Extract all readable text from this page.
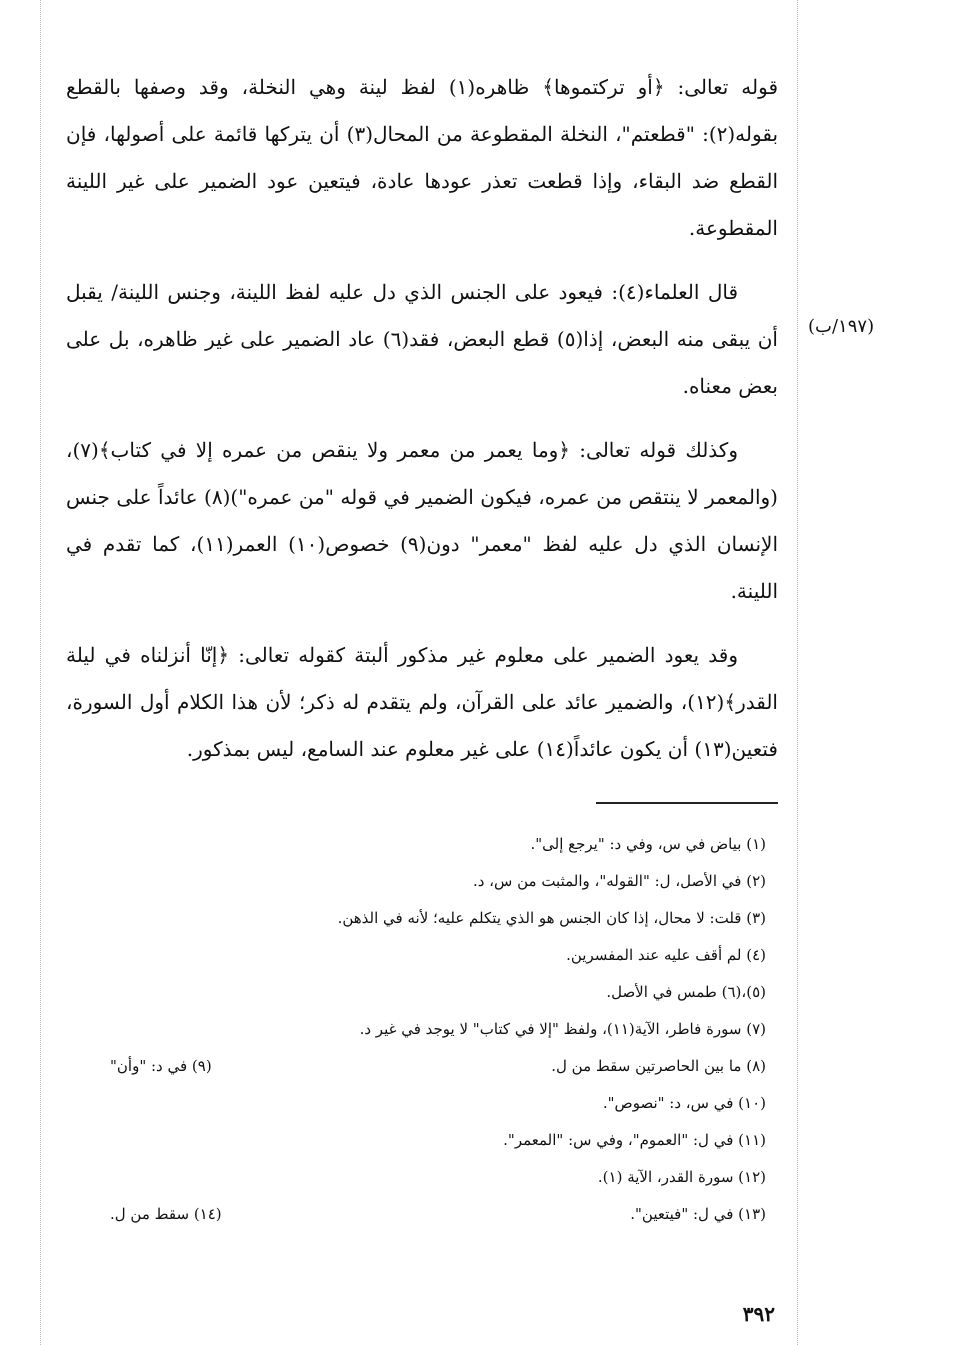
قوله تعالى: ﴿أو تركتموها﴾ ظاهره(١) لفظ لينة وهي النخلة، وقد وصفها بالقطع بقوله(٢): "قطعتم"، النخلة المقطوعة من المحال(٣) أن يتركها قائمة على أصولها، فإن القطع ضد البقاء، وإذا قطعت تعذر عودها عادة، فيتعين عود الضمير على غير اللينة المقطوعة.

قال العلماء(٤): فيعود على الجنس الذي دل عليه لفظ اللينة، وجنس اللينة/ يقبل أن يبقى منه البعض، إذا(٥) قطع البعض، فقد(٦) عاد الضمير على غير ظاهره، بل على بعض معناه.

وكذلك قوله تعالى: ﴿وما يعمر من معمر ولا ينقص من عمره إلا في كتاب﴾(٧)، (والمعمر لا ينتقص من عمره، فيكون الضمير في قوله "من عمره")(٨) عائداً على جنس الإنسان الذي دل عليه لفظ "معمر" دون(٩) خصوص(١٠) العمر(١١)، كما تقدم في اللينة.

وقد يعود الضمير على معلوم غير مذكور ألبتة كقوله تعالى: ﴿إنّا أنزلناه في ليلة القدر﴾(١٢)، والضمير عائد على القرآن، ولم يتقدم له ذكر؛ لأن هذا الكلام أول السورة، فتعين(١٣) أن يكون عائداً(١٤) على غير معلوم عند السامع، ليس بمذكور.

(١٩٧/ب)
(١) بياض في س، وفي د: "يرجع إلى".
(٢) في الأصل، ل: "القوله"، والمثبت من س، د.
(٣) قلت: لا محال، إذا كان الجنس هو الذي يتكلم عليه؛ لأنه في الذهن.
(٤) لم أقف عليه عند المفسرين.
(٥)،(٦) طمس في الأصل.
(٧) سورة فاطر، الآية(١١)، ولفظ "إلا في كتاب" لا يوجد في غير د.
(٨) ما بين الحاصرتين سقط من ل.
(٩) في د: "وأن"
(١٠) في س، د: "نصوص".
(١١) في ل: "العموم"، وفي س: "المعمر".
(١٢) سورة القدر، الآية (١).
(١٣) في ل: "فيتعين".
(١٤) سقط من ل.
٣٩٢
